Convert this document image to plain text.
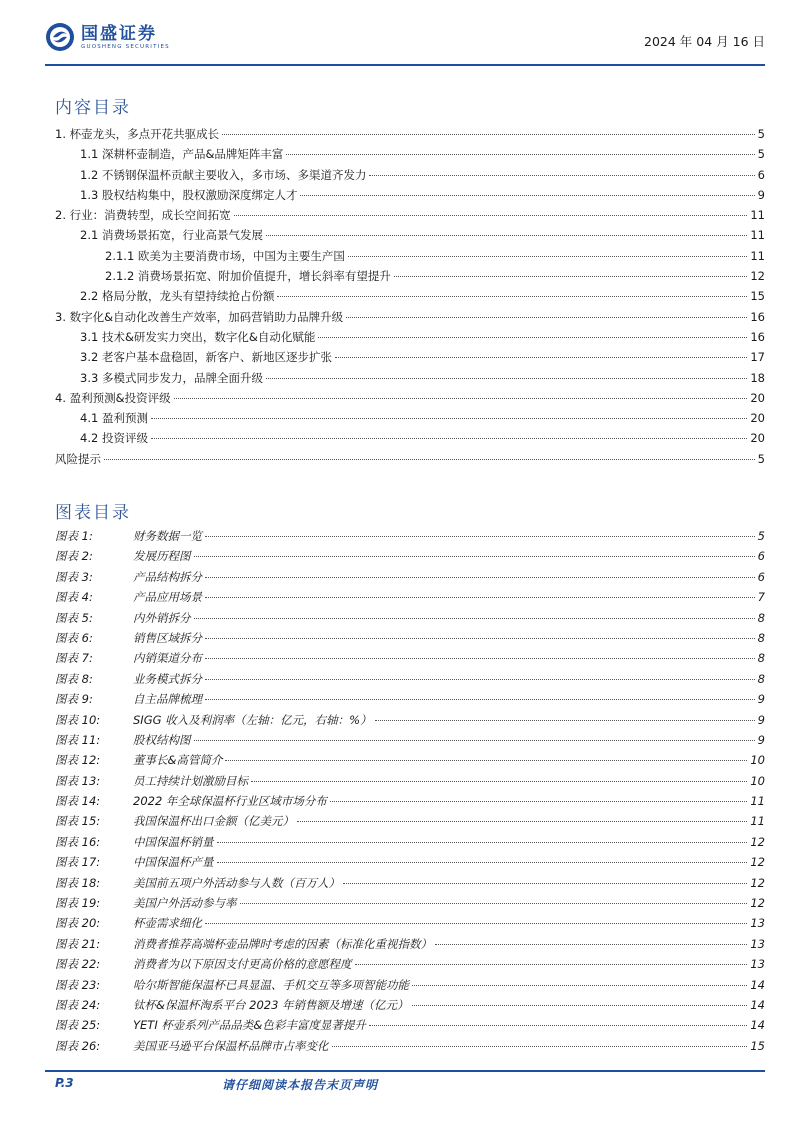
国盛证券
GUOSHENG SECURITIES	2024 年 04 月 16 日
内容目录
1. 杯壶龙头，多点开花共驱成长	5
1.1 深耕杯壶制造，产品&品牌矩阵丰富	5
1.2 不锈钢保温杯贡献主要收入，多市场、多渠道齐发力	6
1.3 股权结构集中，股权激励深度绑定人才	9
2. 行业：消费转型，成长空间拓宽	11
2.1 消费场景拓宽，行业高景气发展	11
2.1.1 欧美为主要消费市场，中国为主要生产国	11
2.1.2 消费场景拓宽、附加价值提升，增长斜率有望提升	12
2.2 格局分散，龙头有望持续抢占份额	15
3. 数字化&自动化改善生产效率，加码营销助力品牌升级	16
3.1 技术&研发实力突出，数字化&自动化赋能	16
3.2 老客户基本盘稳固，新客户、新地区逐步扩张	17
3.3 多模式同步发力，品牌全面升级	18
4. 盈利预测&投资评级	20
4.1 盈利预测	20
4.2 投资评级	20
风险提示	5
图表目录
图表 1:	财务数据一览	5
图表 2:	发展历程图	6
图表 3:	产品结构拆分	6
图表 4:	产品应用场景	7
图表 5:	内外销拆分	8
图表 6:	销售区域拆分	8
图表 7:	内销渠道分布	8
图表 8:	业务模式拆分	8
图表 9:	自主品牌梳理	9
图表 10:	SIGG 收入及利润率（左轴：亿元，右轴：%）	9
图表 11:	股权结构图	9
图表 12:	董事长&高管简介	10
图表 13:	员工持续计划激励目标	10
图表 14:	2022 年全球保温杯行业区域市场分布	11
图表 15:	我国保温杯出口金额（亿美元）	11
图表 16:	中国保温杯销量	12
图表 17:	中国保温杯产量	12
图表 18:	美国前五项户外活动参与人数（百万人）	12
图表 19:	美国户外活动参与率	12
图表 20:	杯壶需求细化	13
图表 21:	消费者推荐高端杯壶品牌时考虑的因素（标准化重视指数）	13
图表 22:	消费者为以下原因支付更高价格的意愿程度	13
图表 23:	哈尔斯智能保温杯已具显温、手机交互等多项智能功能	14
图表 24:	钛杯&保温杯淘系平台 2023 年销售额及增速（亿元）	14
图表 25:	YETI 杯壶系列产品品类&色彩丰富度显著提升	14
图表 26:	美国亚马逊平台保温杯品牌市占率变化	15
P.3	请仔细阅读本报告末页声明
